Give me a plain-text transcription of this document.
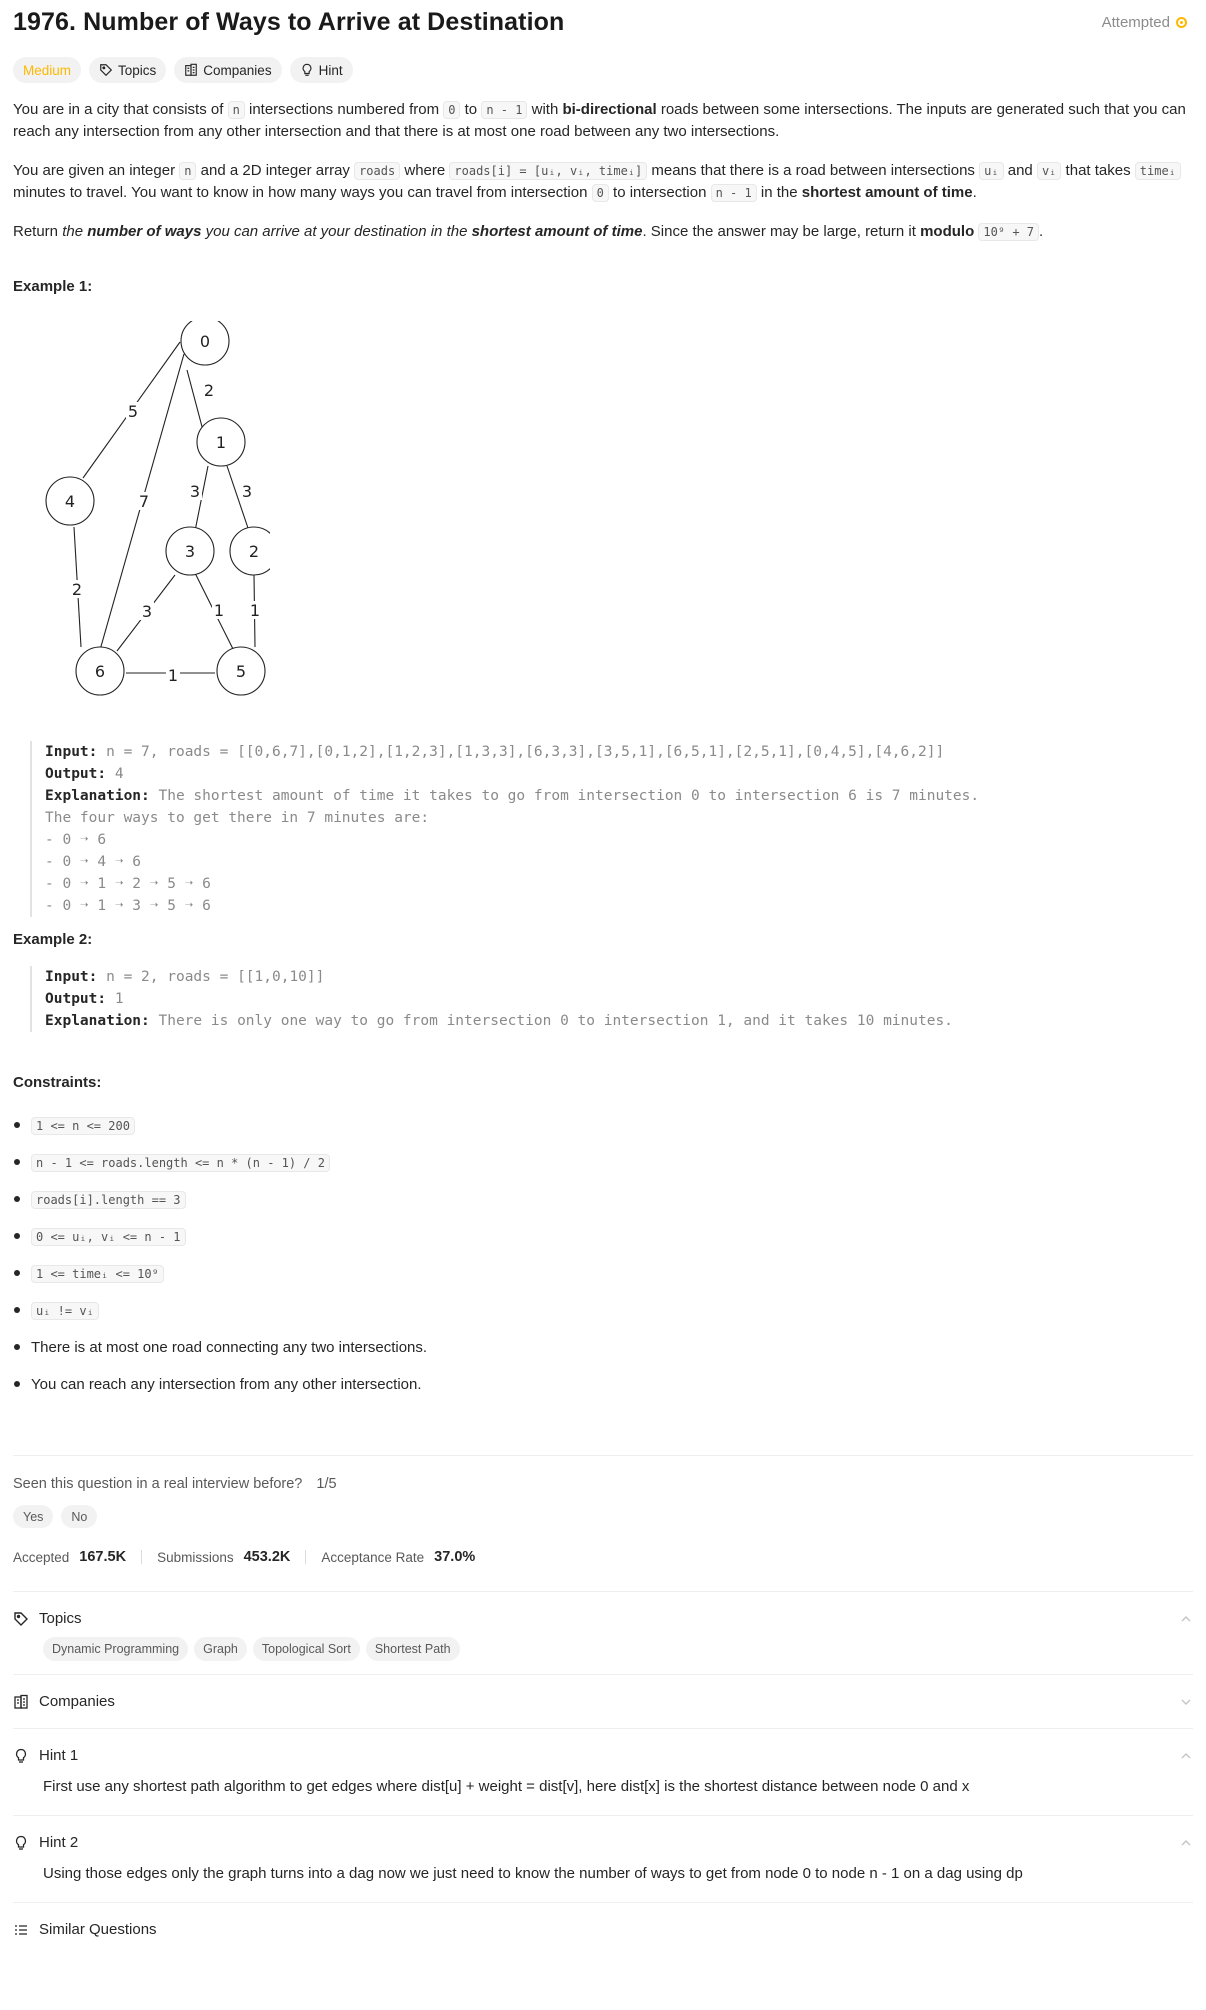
1976. Number of Ways to Arrive at Destination	Attempted
Medium	Topics	Companies	Hint

You are in a city that consists of n intersections numbered from 0 to n - 1 with bi-directional roads between some intersections. The inputs are generated such that you can reach any intersection from any other intersection and that there is at most one road between any two intersections.

You are given an integer n and a 2D integer array roads where roads[i] = [uᵢ, vᵢ, timeᵢ] means that there is a road between intersections uᵢ and vᵢ that takes timeᵢ minutes to travel. You want to know in how many ways you can travel from intersection 0 to intersection n - 1 in the shortest amount of time.

Return the number of ways you can arrive at your destination in the shortest amount of time. Since the answer may be large, return it modulo 10⁹ + 7 .

Example 1:
2
5
7
3	3
2
3	1 1
1
0
1
2
3
4
5
6
Input: n = 7, roads = [[0,6,7],[0,1,2],[1,2,3],[1,3,3],[6,3,3],[3,5,1],[6,5,1],[2,5,1],[0,4,5],[4,6,2]]
Output: 4
Explanation: The shortest amount of time it takes to go from intersection 0 to intersection 6 is 7 minutes.
The four ways to get there in 7 minutes are:
- 0 ➝ 6
- 0 ➝ 4 ➝ 6
- 0 ➝ 1 ➝ 2 ➝ 5 ➝ 6
- 0 ➝ 1 ➝ 3 ➝ 5 ➝ 6
Example 2:
Input: n = 2, roads = [[1,0,10]]
Output: 1
Explanation: There is only one way to go from intersection 0 to intersection 1, and it takes 10 minutes.
Constraints:
1 <= n <= 200
n - 1 <= roads.length <= n * (n - 1) / 2
roads[i].length == 3
0 <= uᵢ, vᵢ <= n - 1
1 <= timeᵢ <= 10⁹
uᵢ != vᵢ
There is at most one road connecting any two intersections.
You can reach any intersection from any other intersection.
Seen this question in a real interview before? 1/5
Yes	No
Accepted 167.5K Submissions 453.2K Acceptance Rate 37.0%
Topics
Dynamic Programming	Graph	Topological Sort	Shortest Path
Companies
Hint 1
First use any shortest path algorithm to get edges where dist[u] + weight = dist[v], here dist[x] is the shortest distance between node 0 and x
Hint 2
Using those edges only the graph turns into a dag now we just need to know the number of ways to get from node 0 to node n - 1 on a dag using dp
Similar Questions
